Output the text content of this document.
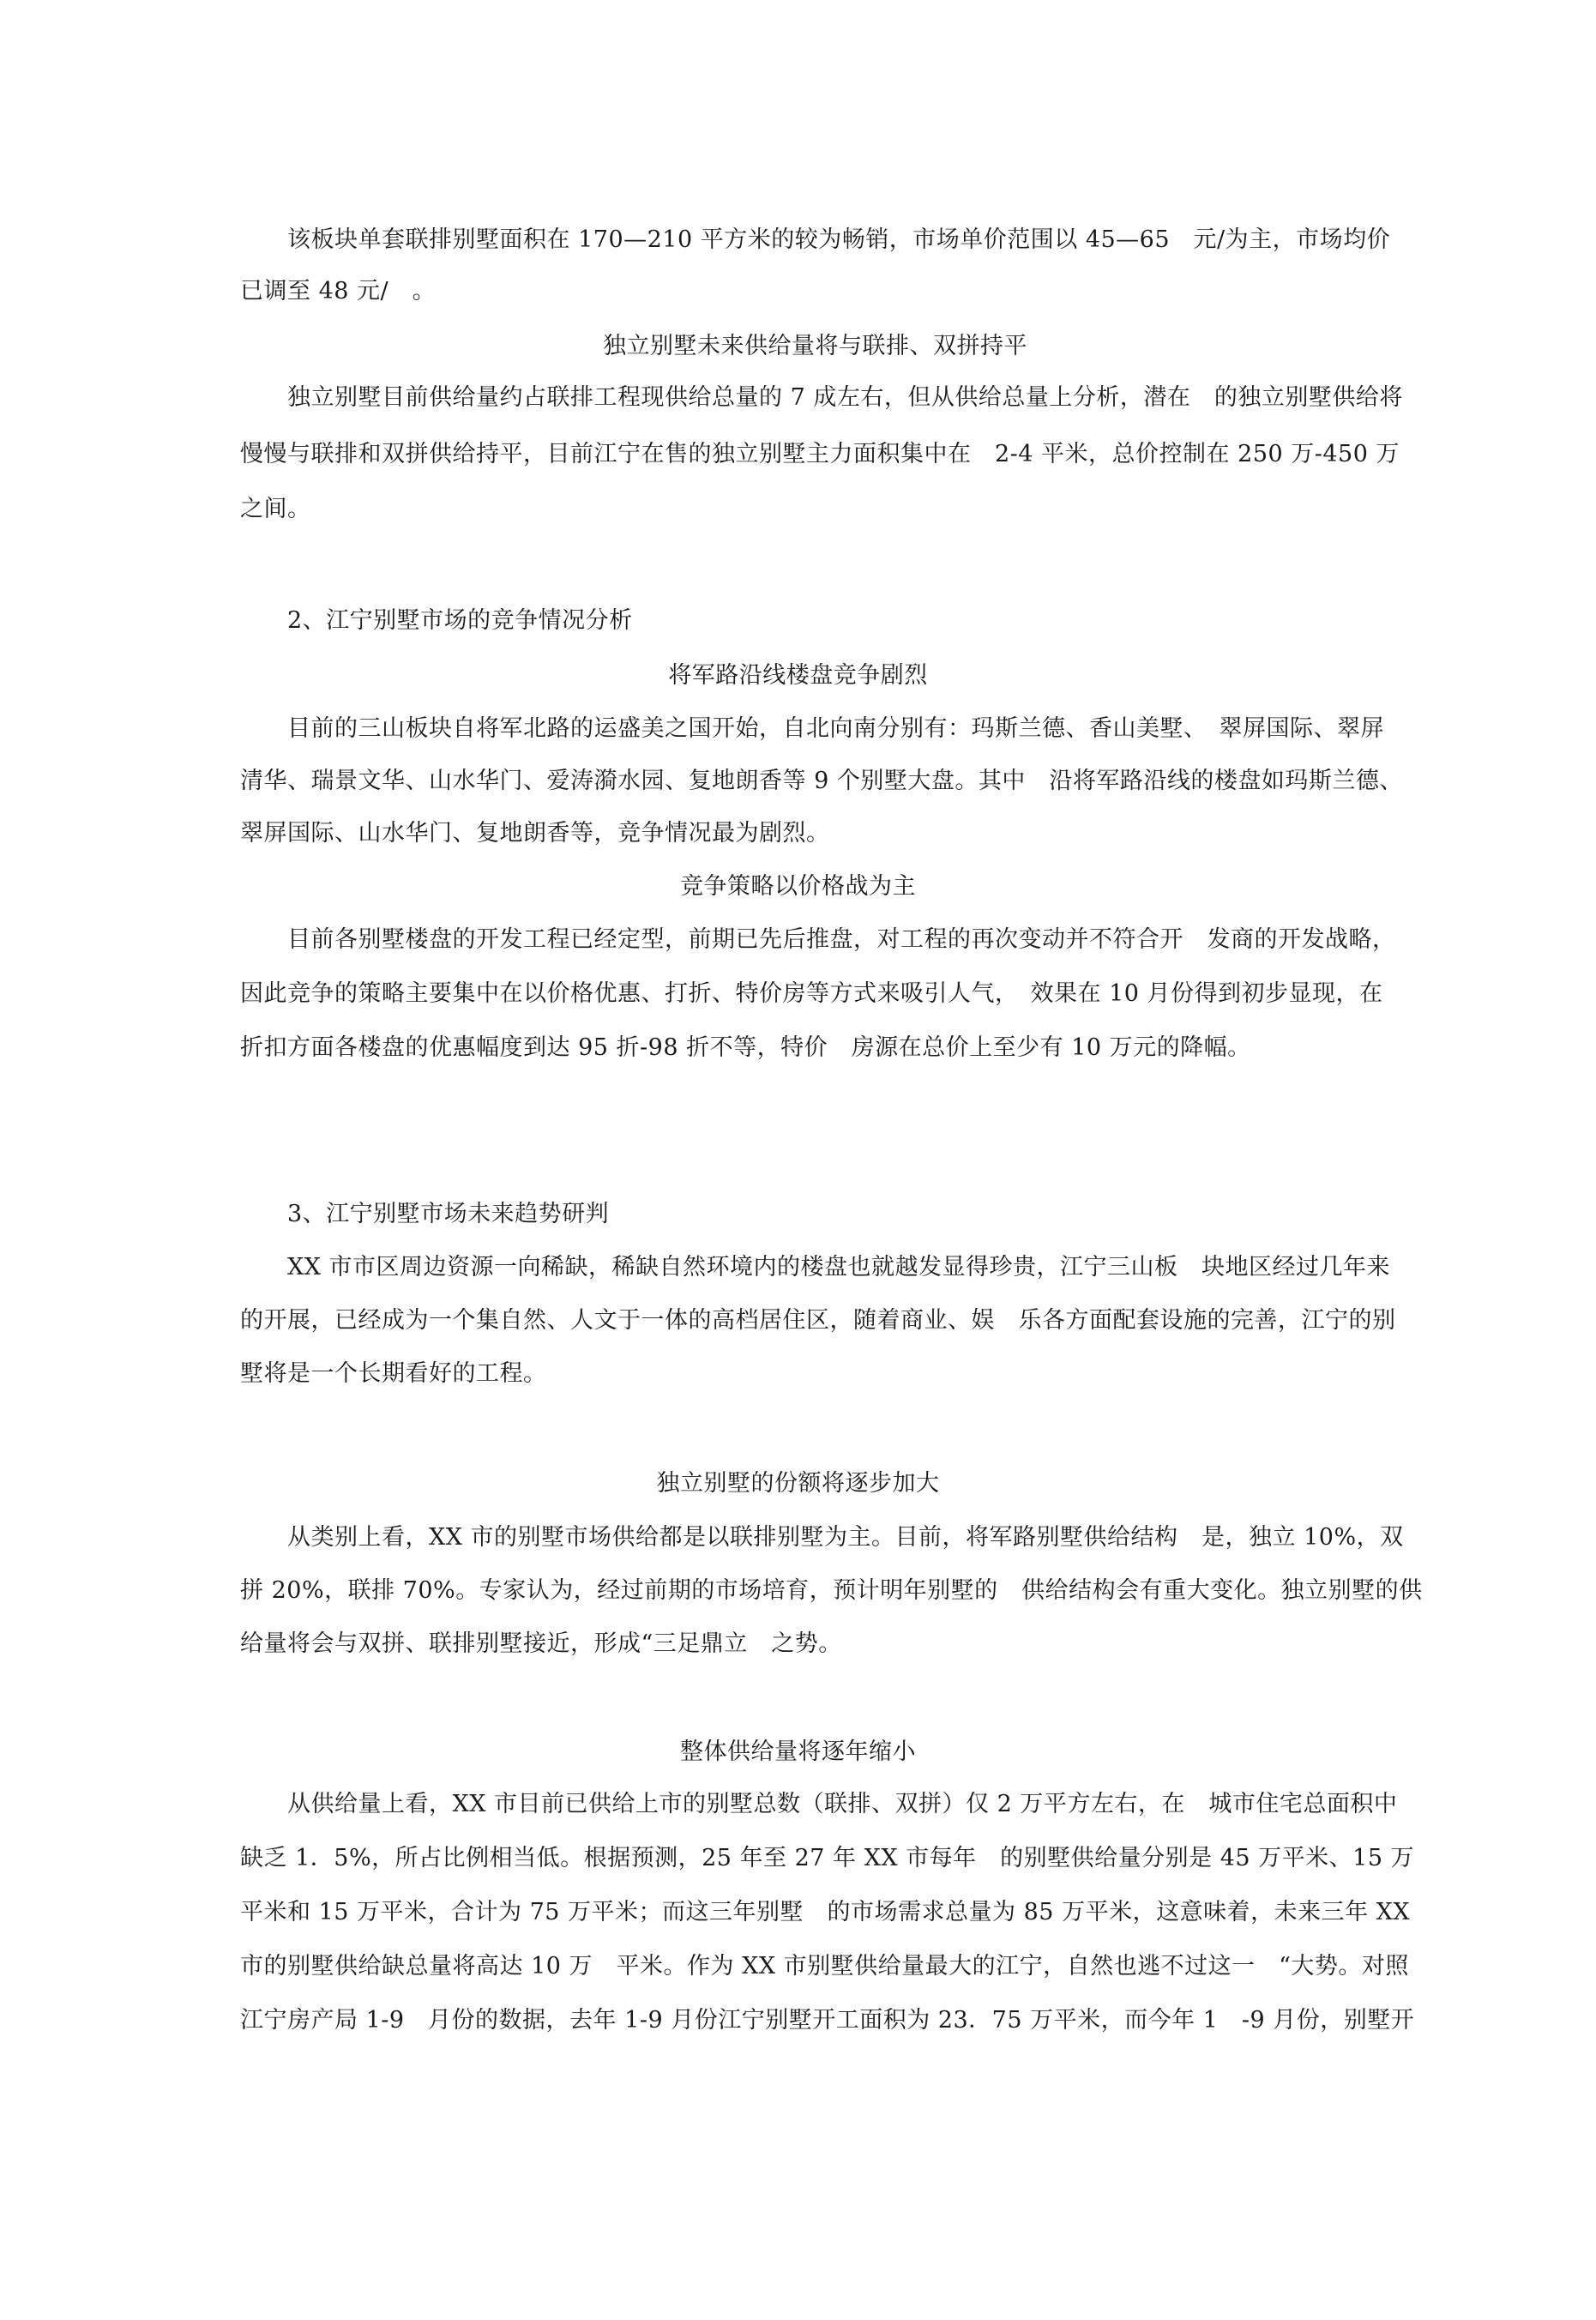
　　该板块单套联排别墅面积在 170—210 平方米的较为畅销，市场单价范围以 45—65　元/为主，市场均价
已调至 48 元/　。
独立别墅未来供给量将与联排、双拼持平
　　独立别墅目前供给量约占联排工程现供给总量的 7 成左右，但从供给总量上分析，潜在　的独立别墅供给将
慢慢与联排和双拼供给持平，目前江宁在售的独立别墅主力面积集中在　2-4 平米，总价控制在 250 万-450 万
之间。
　　2、江宁别墅市场的竞争情况分析
将军路沿线楼盘竞争剧烈
　　目前的三山板块自将军北路的运盛美之国开始，自北向南分别有：玛斯兰德、香山美墅、　翠屏国际、翠屏
清华、瑞景文华、山水华门、爱涛漪水园、复地朗香等 9 个别墅大盘。其中　沿将军路沿线的楼盘如玛斯兰德、
翠屏国际、山水华门、复地朗香等，竞争情况最为剧烈。
竞争策略以价格战为主
　　目前各别墅楼盘的开发工程已经定型，前期已先后推盘，对工程的再次变动并不符合开　发商的开发战略，
因此竞争的策略主要集中在以价格优惠、打折、特价房等方式来吸引人气，　效果在 10 月份得到初步显现，在
折扣方面各楼盘的优惠幅度到达 95 折-98 折不等，特价　房源在总价上至少有 10 万元的降幅。
　　3、江宁别墅市场未来趋势研判
　　XX 市市区周边资源一向稀缺，稀缺自然环境内的楼盘也就越发显得珍贵，江宁三山板　块地区经过几年来
的开展，已经成为一个集自然、人文于一体的高档居住区，随着商业、娱　乐各方面配套设施的完善，江宁的别
墅将是一个长期看好的工程。
独立别墅的份额将逐步加大
　　从类别上看，XX 市的别墅市场供给都是以联排别墅为主。目前，将军路别墅供给结构　是，独立 10%，双
拼 20%，联排 70%。专家认为，经过前期的市场培育，预计明年别墅的　供给结构会有重大变化。独立别墅的供
给量将会与双拼、联排别墅接近，形成“三足鼎立　之势。
整体供给量将逐年缩小
　　从供给量上看，XX 市目前已供给上市的别墅总数（联排、双拼）仅 2 万平方左右，在　城市住宅总面积中
缺乏 1．5%，所占比例相当低。根据预测，25 年至 27 年 XX 市每年　的别墅供给量分别是 45 万平米、15 万
平米和 15 万平米，合计为 75 万平米；而这三年别墅　的市场需求总量为 85 万平米，这意味着，未来三年 XX
市的别墅供给缺总量将高达 10 万　平米。作为 XX 市别墅供给量最大的江宁，自然也逃不过这一　“大势。对照
江宁房产局 1-9　月份的数据，去年 1-9 月份江宁别墅开工面积为 23．75 万平米，而今年 1　-9 月份，别墅开
